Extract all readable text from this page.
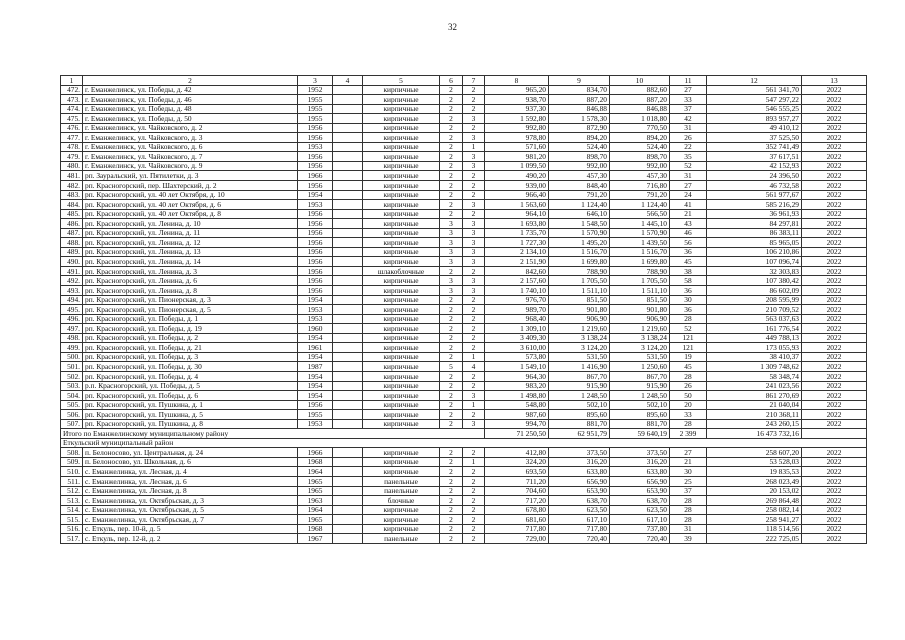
32
1	2	3	4	5	6	7	8	9	10	11	12	13
472.	г. Еманжелинск, ул. Победы, д. 42	1952		кирпичные	2	2	965,20	834,70	882,60	27	561 341,70	2022
473.	г. Еманжелинск, ул. Победы, д. 46	1955		кирпичные	2	2	938,70	887,20	887,20	33	547 297,22	2022
474.	г. Еманжелинск, ул. Победы, д. 48	1955		кирпичные	2	2	937,30	846,88	846,88	37	546 555,25	2022
475.	г. Еманжелинск, ул. Победы, д. 50	1955		кирпичные	2	3	1 592,80	1 578,30	1 018,80	42	893 957,27	2022
476.	г. Еманжелинск, ул. Чайковского, д. 2	1956		кирпичные	2	2	992,80	872,90	770,50	31	49 410,12	2022
477.	г. Еманжелинск, ул. Чайковского, д. 3	1956		кирпичные	2	3	978,80	894,20	894,20	26	37 525,50	2022
478.	г. Еманжелинск, ул. Чайковского, д. 6	1953		кирпичные	2	1	571,60	524,40	524,40	22	352 741,49	2022
479.	г. Еманжелинск, ул. Чайковского, д. 7	1956		кирпичные	2	3	981,20	898,70	898,70	35	37 617,51	2022
480.	г. Еманжелинск, ул. Чайковского, д. 9	1956		кирпичные	2	3	1 099,50	992,00	992,00	52	42 152,93	2022
481.	рп. Зауральский, ул. Пятилетки, д. 3	1966		кирпичные	2	2	490,20	457,30	457,30	31	24 396,50	2022
482.	рп. Красногорский, пер. Шахтерский, д. 2	1956		кирпичные	2	2	939,00	848,40	716,80	27	46 732,58	2022
483.	рп. Красногорский, ул. 40 лет Октября, д. 10	1954		кирпичные	2	2	966,40	791,20	791,20	24	561 977,67	2022
484.	рп. Красногорский, ул. 40 лет Октября, д. 6	1953		кирпичные	2	3	1 563,60	1 124,40	1 124,40	41	585 216,29	2022
485.	рп. Красногорский, ул. 40 лет Октября, д. 8	1956		кирпичные	2	2	964,10	646,10	566,50	21	36 961,93	2022
486.	рп. Красногорский, ул. Ленина, д. 10	1956		кирпичные	3	3	1 693,80	1 548,50	1 445,10	43	84 297,81	2022
487.	рп. Красногорский, ул. Ленина, д. 11	1956		кирпичные	3	3	1 735,70	1 570,90	1 570,90	46	86 383,11	2022
488.	рп. Красногорский, ул. Ленина, д. 12	1956		кирпичные	3	3	1 727,30	1 495,20	1 439,50	56	85 965,05	2022
489.	рп. Красногорский, ул. Ленина, д. 13	1956		кирпичные	3	3	2 134,10	1 516,70	1 516,70	36	106 210,86	2022
490.	рп. Красногорский, ул. Ленина, д. 14	1956		кирпичные	3	3	2 151,90	1 699,80	1 699,80	45	107 096,74	2022
491.	рп. Красногорский, ул. Ленина, д. 3	1956		шлакоблочные	2	2	842,60	788,90	788,90	38	32 303,83	2022
492.	рп. Красногорский, ул. Ленина, д. 6	1956		кирпичные	3	3	2 157,60	1 705,50	1 705,50	58	107 380,42	2022
493.	рп. Красногорский, ул. Ленина, д. 8	1956		кирпичные	3	3	1 740,10	1 511,10	1 511,10	36	86 602,09	2022
494.	рп. Красногорский, ул. Пионерская, д. 3	1954		кирпичные	2	2	976,70	851,50	851,50	30	208 595,99	2022
495.	рп. Красногорский, ул. Пионерская, д. 5	1953		кирпичные	2	2	989,70	901,80	901,80	36	210 709,52	2022
496.	рп. Красногорский, ул. Победы, д. 1	1953		кирпичные	2	2	968,40	906,90	906,90	28	563 037,63	2022
497.	рп. Красногорский, ул. Победы, д. 19	1960		кирпичные	2	2	1 309,10	1 219,60	1 219,60	52	161 776,54	2022
498.	рп. Красногорский, ул. Победы, д. 2	1954		кирпичные	2	2	3 409,30	3 138,24	3 138,24	121	449 788,13	2022
499.	рп. Красногорский, ул. Победы, д. 21	1961		кирпичные	2	2	3 610,00	3 124,20	3 124,20	121	173 055,93	2022
500.	рп. Красногорский, ул. Победы, д. 3	1954		кирпичные	2	1	573,80	531,50	531,50	19	38 410,37	2022
501.	рп. Красногорский, ул. Победы, д. 30	1987		кирпичные	5	4	1 549,10	1 416,90	1 250,60	45	1 309 748,62	2022
502.	рп. Красногорский, ул. Победы, д. 4	1954		кирпичные	2	2	964,30	867,70	867,70	28	58 348,74	2022
503.	р.п. Красногорский, ул. Победы, д. 5	1954		кирпичные	2	2	983,20	915,90	915,90	26	241 023,56	2022
504.	рп. Красногорский, ул. Победы, д. 6	1954		кирпичные	2	3	1 498,80	1 248,50	1 248,50	50	861 270,69	2022
505.	рп. Красногорский, ул. Пушкина, д. 1	1956		кирпичные	2	1	548,80	502,10	502,10	20	21 040,04	2022
506.	рп. Красногорский, ул. Пушкина, д. 5	1955		кирпичные	2	2	987,60	895,60	895,60	33	210 368,11	2022
507.	рп. Красногорский, ул. Пушкина, д. 8	1953		кирпичные	2	3	994,70	881,70	881,70	28	243 260,15	2022
Итого по Еманжелинскому муниципальному району							71 250,50	62 951,79	59 640,19	2 399	16 473 732,16	
Еткульский муниципальный район												
508.	п. Белоносово, ул. Центральная, д. 24	1966		кирпичные	2	2	412,80	373,50	373,50	27	258 607,20	2022
509.	п. Белоносово, ул. Школьная, д. 6	1968		кирпичные	2	1	324,20	316,20	316,20	21	53 528,03	2022
510.	с. Еманжелинка, ул. Лесная, д. 4	1964		кирпичные	2	2	693,50	633,80	633,80	30	19 835,53	2022
511.	с. Еманжелинка, ул. Лесная, д. 6	1965		панельные	2	2	711,20	656,90	656,90	25	268 023,49	2022
512.	с. Еманжелинка, ул. Лесная, д. 8	1965		панельные	2	2	704,60	653,90	653,90	37	20 153,02	2022
513.	с. Еманжелинка, ул. Октябрьская, д. 3	1963		блочные	2	2	717,20	638,70	638,70	28	269 864,48	2022
514.	с. Еманжелинка, ул. Октябрьская, д. 5	1964		кирпичные	2	2	678,80	623,50	623,50	28	258 082,14	2022
515.	с. Еманжелинка, ул. Октябрьская, д. 7	1965		кирпичные	2	2	681,60	617,10	617,10	28	258 941,27	2022
516.	с. Еткуль, пер. 10-й, д. 5	1968		кирпичные	2	2	717,80	717,80	737,80	31	118 514,56	2022
517.	с. Еткуль, пер. 12-й, д. 2	1967		панельные	2	2	729,00	720,40	720,40	39	222 725,05	2022
